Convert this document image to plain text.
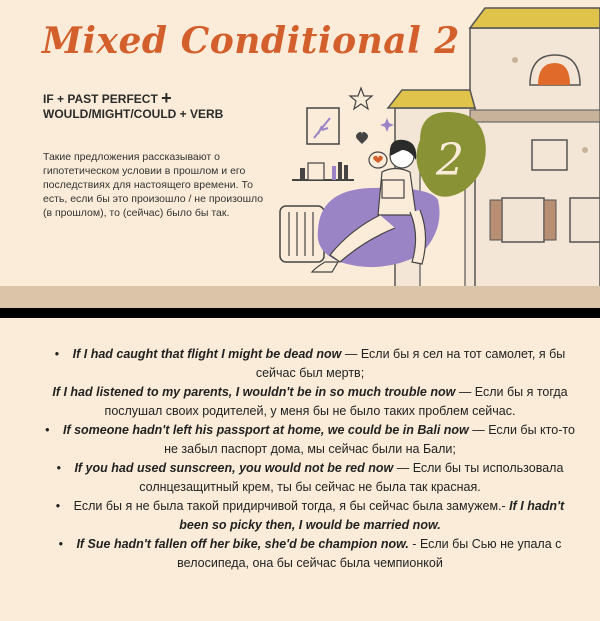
Mixed Conditional 2
IF + PAST PERFECT +
WOULD/MIGHT/COULD + VERB
Такие предложения рассказывают о гипотетическом условии в прошлом и его последствиях для настоящего времени. То есть, если бы это произошло / не произошло (в прошлом), то (сейчас) было бы так.
2
• If I had caught that flight I might be dead now — Если бы я сел на тот самолет, я бы сейчас был мертв;
If I had listened to my parents, I wouldn't be in so much trouble now — Если бы я тогда послушал своих родителей, у меня бы не было таких проблем сейчас.
• If someone hadn't left his passport at home, we could be in Bali now — Если бы кто-то не забыл паспорт дома, мы сейчас были на Бали;
• If you had used sunscreen, you would not be red now — Если бы ты использовала солнцезащитный крем, ты бы сейчас не была так красная.
• Если бы я не была такой придирчивой тогда, я бы сейчас была замужем.- If I hadn't been so picky then, I would be married now.
• If Sue hadn't fallen off her bike, she'd be champion now. - Если бы Сью не упала с велосипеда, она бы сейчас была чемпионкой
